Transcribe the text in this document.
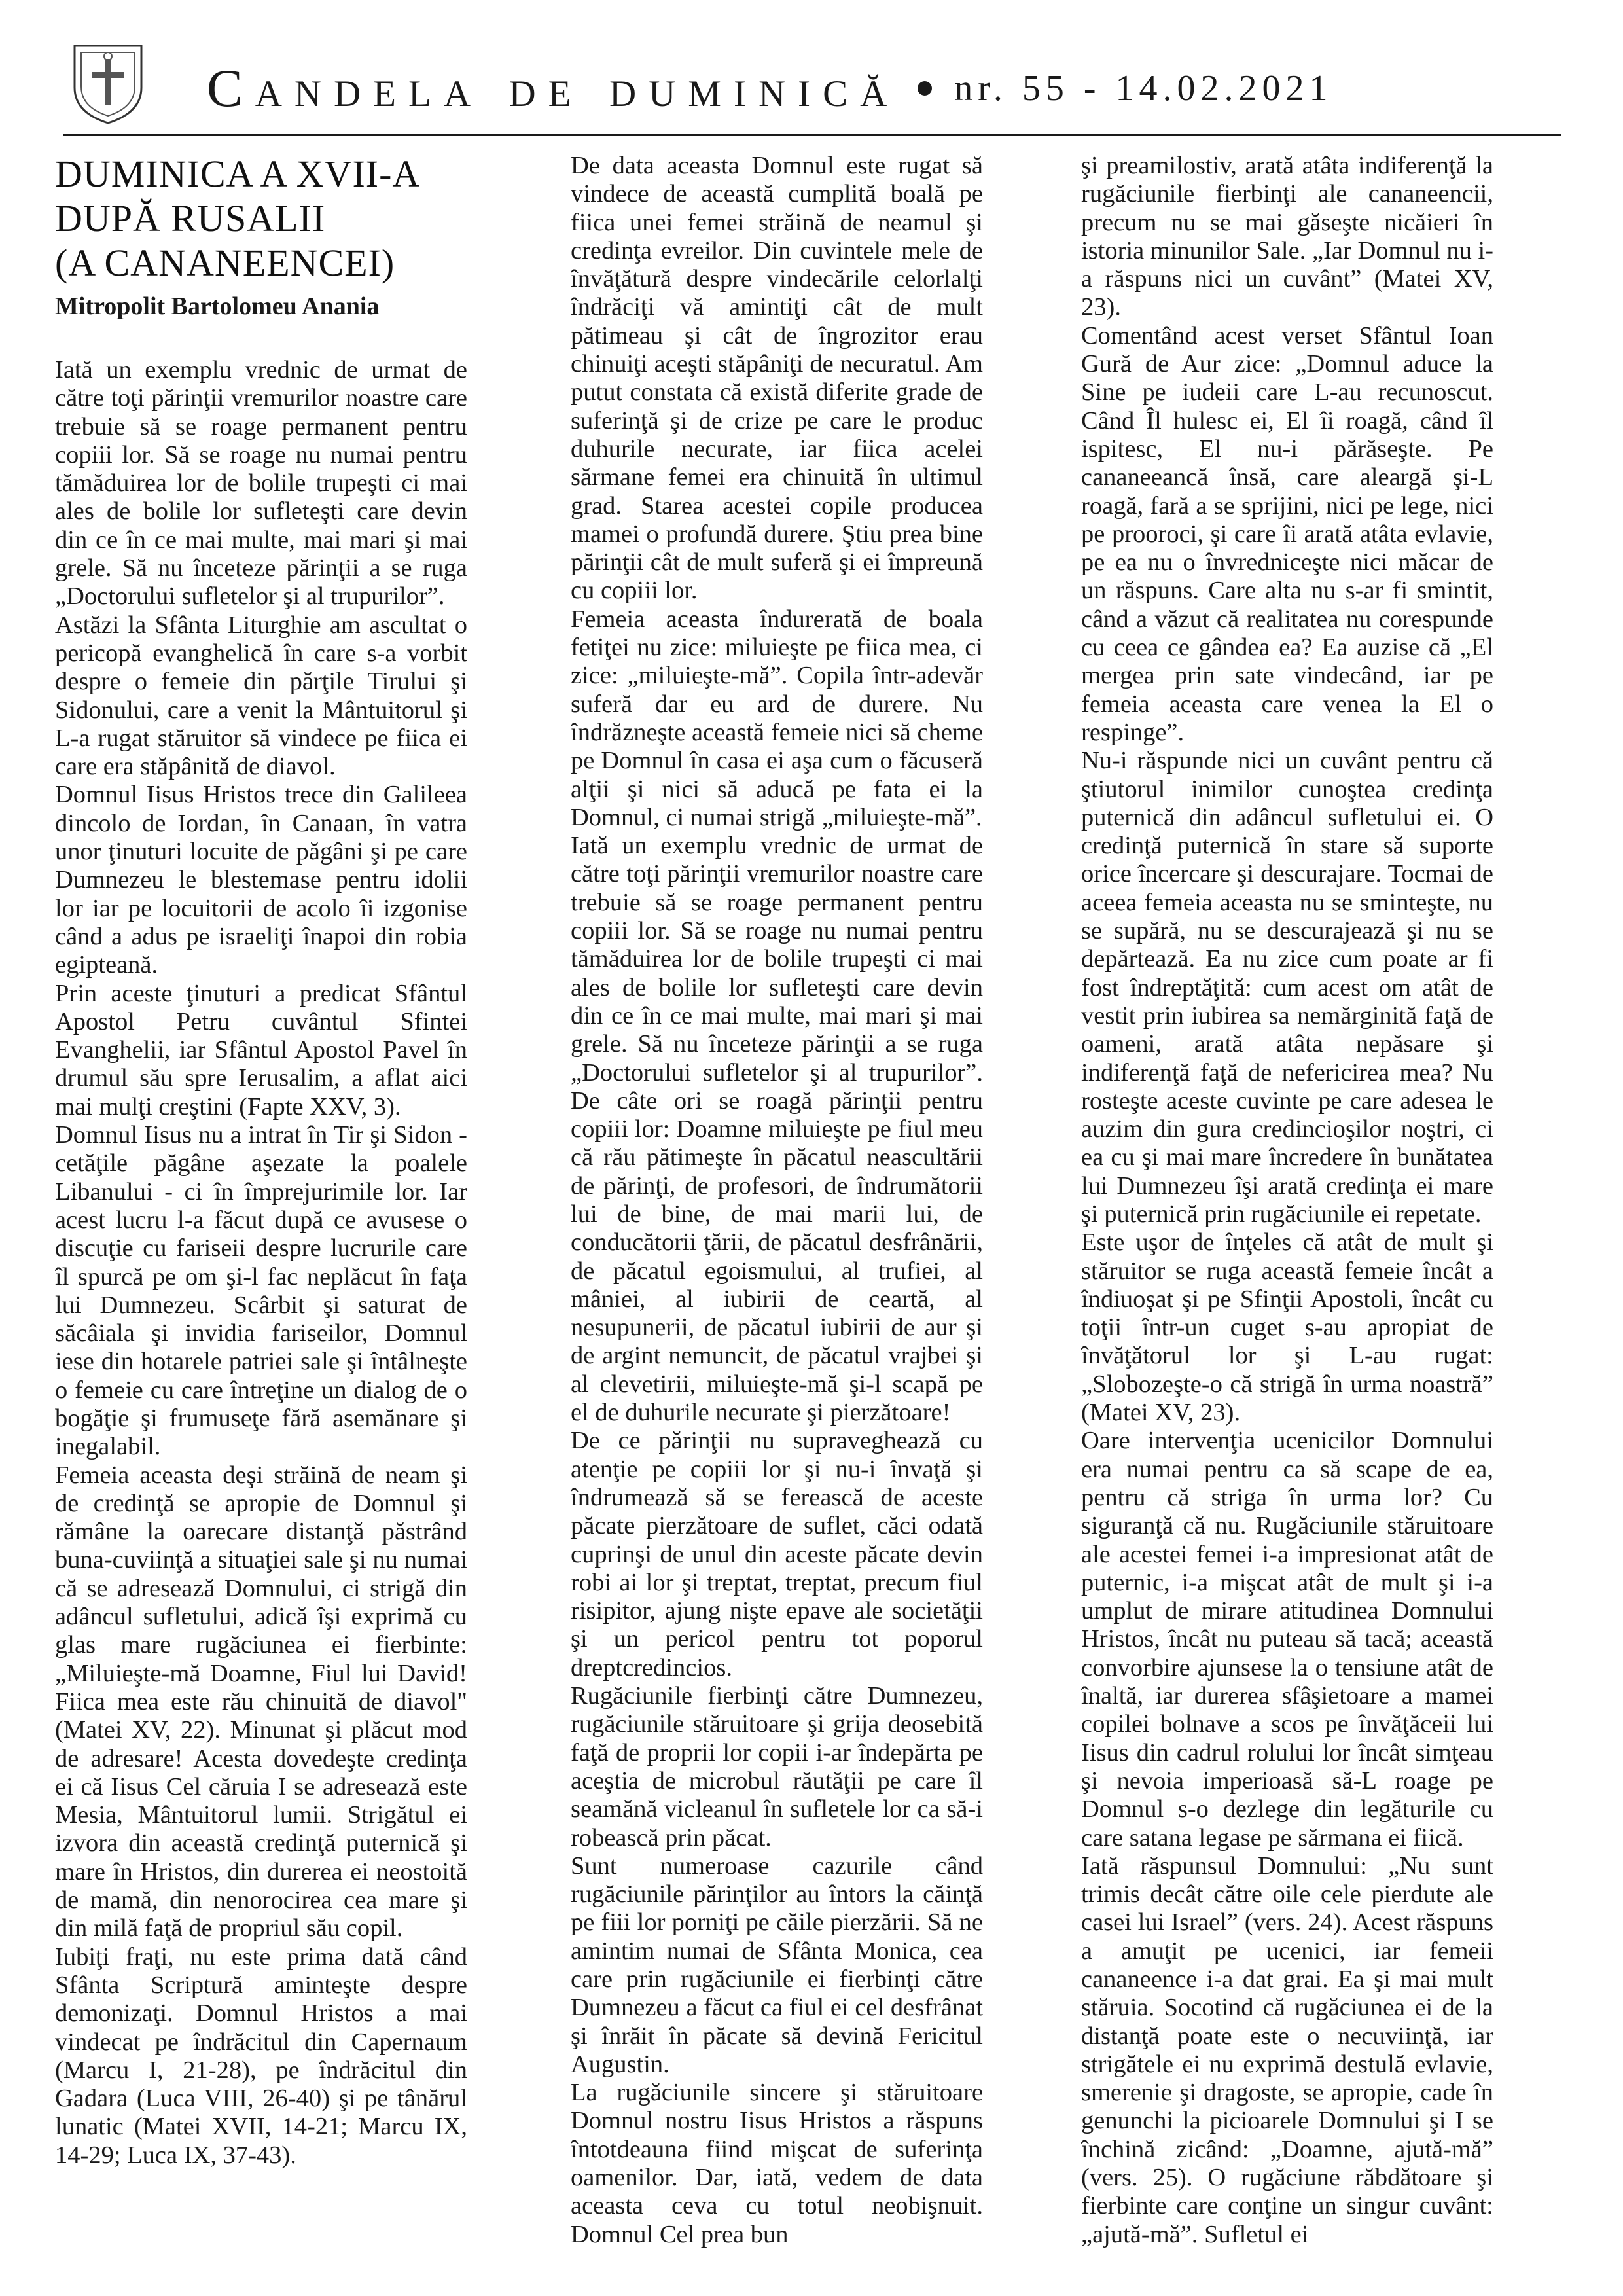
Candela de duminică nr. 55 - 14.02.2021
DUMINICA A XVII-A
DUPĂ RUSALII
(A CANANEENCEI)
Mitropolit Bartolomeu Anania

Iată un exemplu vrednic de urmat de către toţi părinţii vremurilor noastre care trebuie să se roage permanent pentru copiii lor. Să se roage nu numai pentru tămăduirea lor de bolile trupeşti ci mai ales de bolile lor sufleteşti care devin din ce în ce mai multe, mai mari şi mai grele. Să nu înceteze părinţii a se ruga „Doctorului sufletelor şi al trupurilor”.

Astăzi la Sfânta Liturghie am ascultat o pericopă evanghelică în care s-a vorbit despre o femeie din părţile Tirului şi Sidonului, care a venit la Mântuitorul şi L-a rugat stăruitor să vindece pe fiica ei care era stăpânită de diavol.

Domnul Iisus Hristos trece din Galileea dincolo de Iordan, în Canaan, în vatra unor ţinuturi locuite de păgâni şi pe care Dumnezeu le blestemase pentru idolii lor iar pe locuitorii de acolo îi izgonise când a adus pe israeliţi înapoi din robia egipteană.

Prin aceste ţinuturi a predicat Sfântul Apostol Petru cuvântul Sfintei Evanghelii, iar Sfântul Apostol Pavel în drumul său spre Ierusalim, a aflat aici mai mulţi creştini (Fapte XXV, 3).

Domnul Iisus nu a intrat în Tir şi Sidon - cetăţile păgâne aşezate la poalele Libanului - ci în împrejurimile lor. Iar acest lucru l-a făcut după ce avusese o discuţie cu fariseii despre lucrurile care îl spurcă pe om şi-l fac neplăcut în faţa lui Dumnezeu. Scârbit şi saturat de săcâiala şi invidia fariseilor, Domnul iese din hotarele patriei sale şi întâlneşte o femeie cu care întreţine un dialog de o bogăţie şi frumuseţe fără asemănare şi inegalabil.

Femeia aceasta deşi străină de neam şi de credinţă se apropie de Domnul şi rămâne la oarecare distanţă păstrând buna-cuviinţă a situaţiei sale şi nu numai că se adresează Domnului, ci strigă din adâncul sufletului, adică îşi exprimă cu glas mare rugăciunea ei fierbinte: „Miluieşte-mă Doamne, Fiul lui David! Fiica mea este rău chinuită de diavol" (Matei XV, 22). Minunat şi plăcut mod de adresare! Acesta dovedeşte credinţa ei că Iisus Cel căruia I se adresează este Mesia, Mântuitorul lumii. Strigătul ei izvora din această credinţă puternică şi mare în Hristos, din durerea ei neostoită de mamă, din nenorocirea cea mare şi din milă faţă de propriul său copil.

Iubiţi fraţi, nu este prima dată când Sfânta Scriptură aminteşte despre demonizaţi. Domnul Hristos a mai vindecat pe îndrăcitul din Capernaum (Marcu I, 21-28), pe îndrăcitul din Gadara (Luca VIII, 26-40) şi pe tânărul lunatic (Matei XVII, 14-21; Marcu IX, 14-29; Luca IX, 37-43).

De data aceasta Domnul este rugat să vindece de această cumplită boală pe fiica unei femei străină de neamul şi credinţa evreilor. Din cuvintele mele de învăţătură despre vindecările celorlalţi îndrăciţi vă amintiţi cât de mult pătimeau şi cât de îngrozitor erau chinuiţi aceşti stăpâniţi de necuratul. Am putut constata că există diferite grade de suferinţă şi de crize pe care le produc duhurile necurate, iar fiica acelei sărmane femei era chinuită în ultimul grad. Starea acestei copile producea mamei o profundă durere. Ştiu prea bine părinţii cât de mult suferă şi ei împreună cu copiii lor.

Femeia aceasta îndurerată de boala fetiţei nu zice: miluieşte pe fiica mea, ci zice: „miluieşte-mă”. Copila într-adevăr suferă dar eu ard de durere. Nu îndrăzneşte această femeie nici să cheme pe Domnul în casa ei aşa cum o făcuseră alţii şi nici să aducă pe fata ei la Domnul, ci numai strigă „miluieşte-mă”.

Iată un exemplu vrednic de urmat de către toţi părinţii vremurilor noastre care trebuie să se roage permanent pentru copiii lor. Să se roage nu numai pentru tămăduirea lor de bolile trupeşti ci mai ales de bolile lor sufleteşti care devin din ce în ce mai multe, mai mari şi mai grele. Să nu înceteze părinţii a se ruga „Doctorului sufletelor şi al trupurilor”. De câte ori se roagă părinţii pentru copiii lor: Doamne miluieşte pe fiul meu că rău pătimeşte în păcatul neascultării de părinţi, de profesori, de îndrumătorii lui de bine, de mai marii lui, de conducătorii ţării, de păcatul desfrânării, de păcatul egoismului, al trufiei, al mâniei, al iubirii de ceartă, al nesupunerii, de păcatul iubirii de aur şi de argint nemuncit, de păcatul vrajbei şi al clevetirii, miluieşte-mă şi-l scapă pe el de duhurile necurate şi pierzătoare!

De ce părinţii nu supraveghează cu atenţie pe copiii lor şi nu-i învaţă şi îndrumează să se ferească de aceste păcate pierzătoare de suflet, căci odată cuprinşi de unul din aceste păcate devin robi ai lor şi treptat, treptat, precum fiul risipitor, ajung nişte epave ale societăţii şi un pericol pentru tot poporul dreptcredincios.

Rugăciunile fierbinţi către Dumnezeu, rugăciunile stăruitoare şi grija deosebită faţă de proprii lor copii i-ar îndepărta pe aceştia de microbul răutăţii pe care îl seamănă vicleanul în sufletele lor ca să-i robească prin păcat.

Sunt numeroase cazurile când rugăciunile părinţilor au întors la căinţă pe fiii lor porniţi pe căile pierzării. Să ne amintim numai de Sfânta Monica, cea care prin rugăciunile ei fierbinţi către Dumnezeu a făcut ca fiul ei cel desfrânat şi înrăit în păcate să devină Fericitul Augustin.

La rugăciunile sincere şi stăruitoare Domnul nostru Iisus Hristos a răspuns întotdeauna fiind mişcat de suferinţa oamenilor. Dar, iată, vedem de data aceasta ceva cu totul neobişnuit. Domnul Cel prea bun

şi preamilostiv, arată atâta indiferenţă la rugăciunile fierbinţi ale cananeencii, precum nu se mai găseşte nicăieri în istoria minunilor Sale. „Iar Domnul nu i-a răspuns nici un cuvânt” (Matei XV, 23).

Comentând acest verset Sfântul Ioan Gură de Aur zice: „Domnul aduce la Sine pe iudeii care L-au recunoscut. Când Îl hulesc ei, El îi roagă, când îl ispitesc, El nu-i părăseşte. Pe cananeeancă însă, care aleargă şi-L roagă, fară a se sprijini, nici pe lege, nici pe prooroci, şi care îi arată atâta evlavie, pe ea nu o învredniceşte nici măcar de un răspuns. Care alta nu s-ar fi smintit, când a văzut că realitatea nu corespunde cu ceea ce gândea ea? Ea auzise că „El mergea prin sate vindecând, iar pe femeia aceasta care venea la El o respinge”.

Nu-i răspunde nici un cuvânt pentru că ştiutorul inimilor cunoştea credinţa puternică din adâncul sufletului ei. O credinţă puternică în stare să suporte orice încercare şi descurajare. Tocmai de aceea femeia aceasta nu se sminteşte, nu se supără, nu se descurajează şi nu se depărtează. Ea nu zice cum poate ar fi fost îndreptăţită: cum acest om atât de vestit prin iubirea sa nemărginită faţă de oameni, arată atâta nepăsare şi indiferenţă faţă de nefericirea mea? Nu rosteşte aceste cuvinte pe care adesea le auzim din gura credincioşilor noştri, ci ea cu şi mai mare încredere în bunătatea lui Dumnezeu îşi arată credinţa ei mare şi puternică prin rugăciunile ei repetate.

Este uşor de înţeles că atât de mult şi stăruitor se ruga această femeie încât a îndiuoşat şi pe Sfinţii Apostoli, încât cu toţii într-un cuget s-au apropiat de învăţătorul lor şi L-au rugat: „Slobozeşte-o că strigă în urma noastră” (Matei XV, 23).

Oare intervenţia ucenicilor Domnului era numai pentru ca să scape de ea, pentru că striga în urma lor? Cu siguranţă că nu. Rugăciunile stăruitoare ale acestei femei i-a impresionat atât de puternic, i-a mişcat atât de mult şi i-a umplut de mirare atitudinea Domnului Hristos, încât nu puteau să tacă; această convorbire ajunsese la o tensiune atât de înaltă, iar durerea sfâşietoare a mamei copilei bolnave a scos pe învăţăceii lui Iisus din cadrul rolului lor încât simţeau şi nevoia imperioasă să-L roage pe Domnul s-o dezlege din legăturile cu care satana legase pe sărmana ei fiică.

Iată răspunsul Domnului: „Nu sunt trimis decât către oile cele pierdute ale casei lui Israel” (vers. 24). Acest răspuns a amuţit pe ucenici, iar femeii cananeence i-a dat grai. Ea şi mai mult stăruia. Socotind că rugăciunea ei de la distanţă poate este o necuviinţă, iar strigătele ei nu exprimă destulă evlavie, smerenie şi dragoste, se apropie, cade în genunchi la picioarele Domnului şi I se închină zicând: „Doamne, ajută-mă” (vers. 25). O rugăciune răbdătoare şi fierbinte care conţine un singur cuvânt: „ajută-mă”. Sufletul ei
